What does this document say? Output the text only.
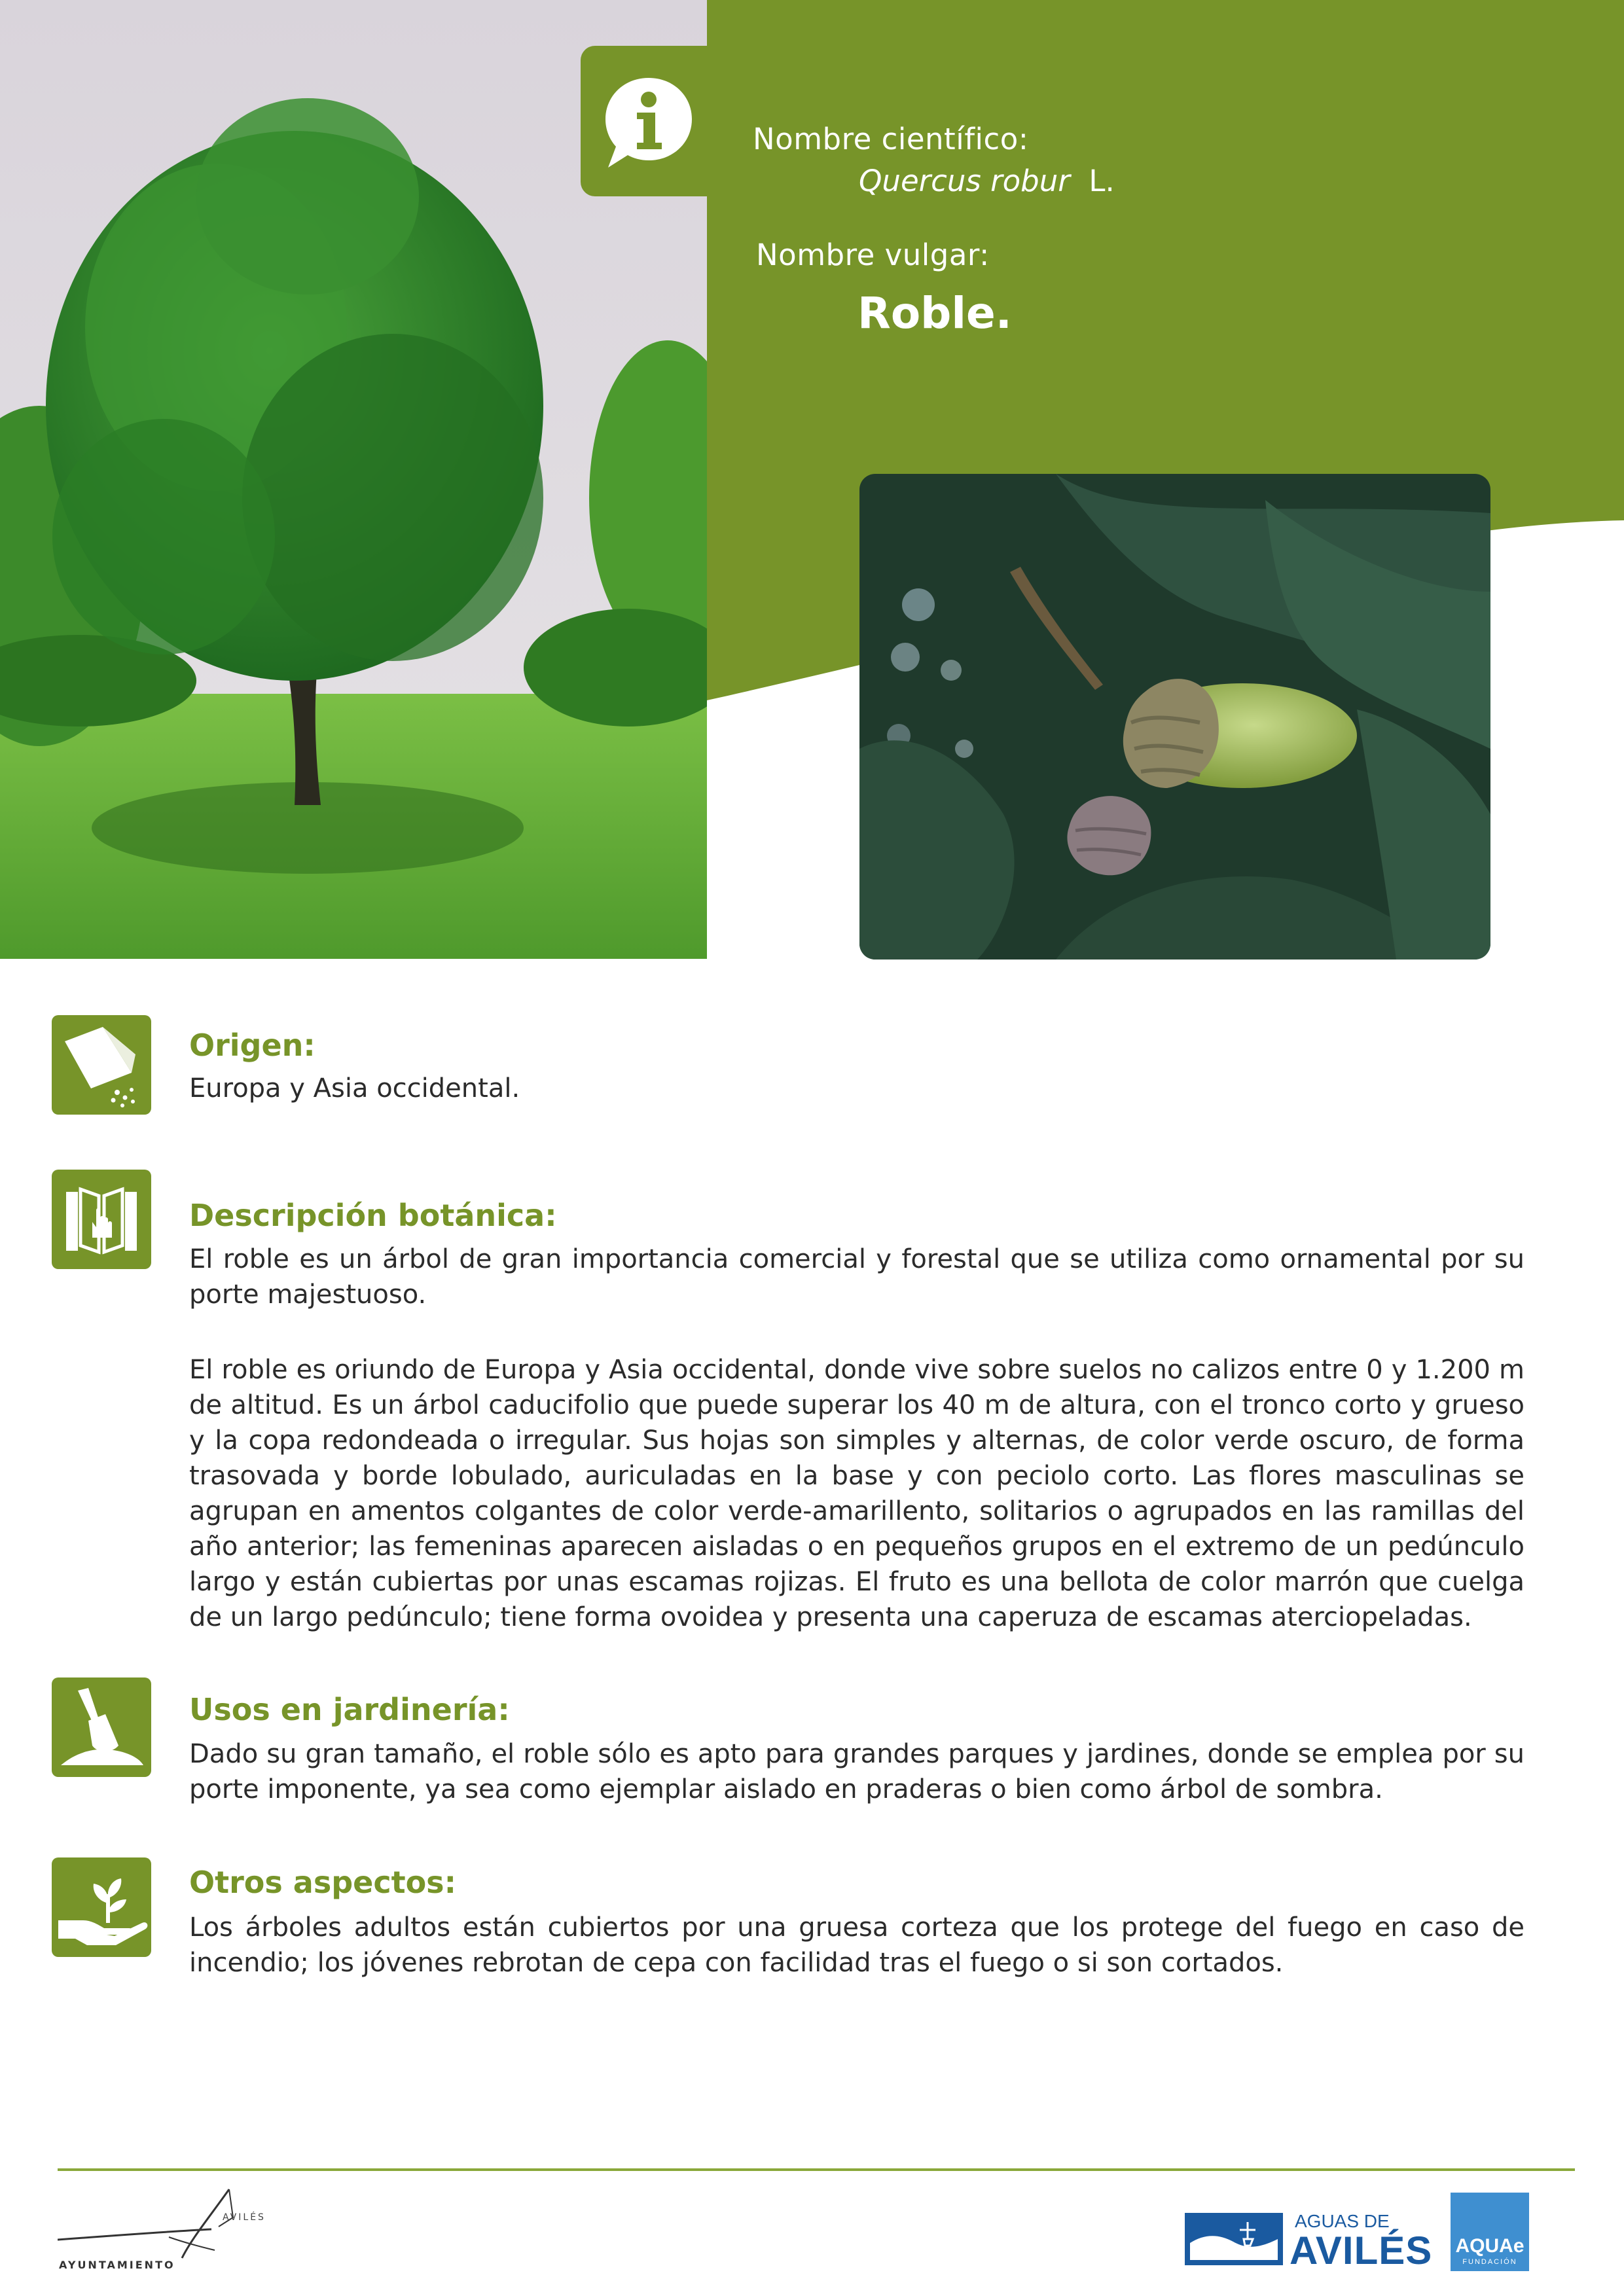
Nombre científico:
Quercus robur L.
Nombre vulgar:
Roble.
Origen:
Europa y Asia occidental.
Descripción botánica:
El roble es un árbol de gran importancia comercial y forestal que se utiliza como ornamental por su porte majestuoso.
El roble es oriundo de Europa y Asia occidental, donde vive sobre suelos no calizos entre 0 y 1.200 m de altitud. Es un árbol caducifolio que puede superar los 40 m de altura, con el tronco corto y grueso y la copa redondeada o irregular. Sus hojas son simples y alternas, de color verde oscuro, de forma trasovada y borde lobulado, auriculadas en la base y con peciolo corto. Las flores masculinas se agrupan en amentos colgantes de color verde-amarillento, solitarios o agrupados en las ramillas del año anterior; las femeninas aparecen aisladas o en pequeños grupos en el extremo de un pedúnculo largo y están cubiertas por unas escamas rojizas. El fruto es una bellota de color marrón que cuelga de un largo pedúnculo; tiene forma ovoidea y presenta una caperuza de escamas aterciopeladas.
Usos en jardinería:
Dado su gran tamaño, el roble sólo es apto para grandes parques y jardines, donde se emplea por su porte imponente, ya sea como ejemplar aislado en praderas o bien como árbol de sombra.
Otros aspectos:
Los árboles adultos están cubiertos por una gruesa corteza que los protege del fuego en caso de incendio; los jóvenes rebrotan de cepa con facilidad tras el fuego o si son cortados.
AVILÉS
AYUNTAMIENTO
AGUAS DE
AVILÉS AQUAe
FUNDACIÓN
